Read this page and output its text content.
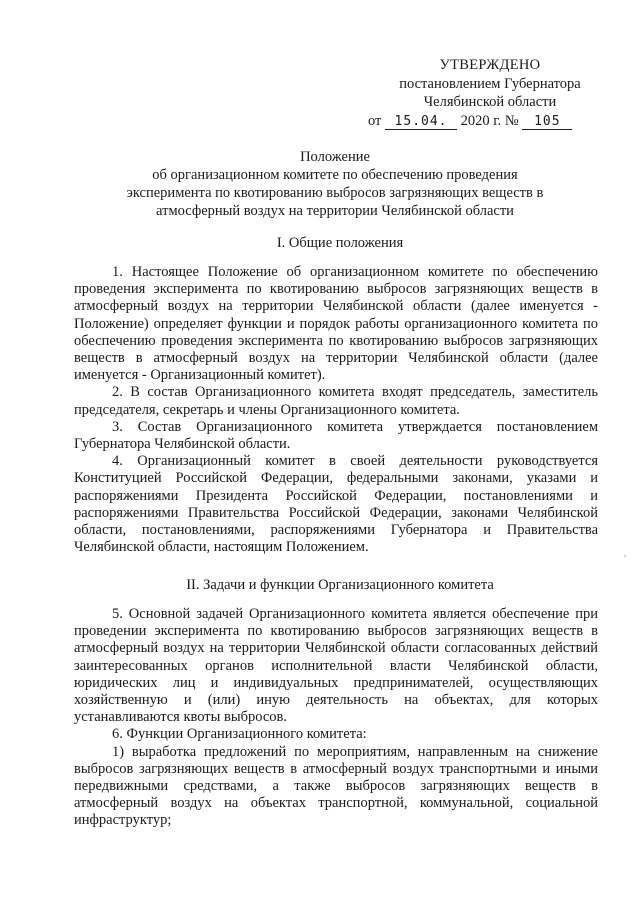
УТВЕРЖДЕНО
постановлением Губернатора
Челябинской области
от 15.04. 2020 г. № 105
Положение
об организационном комитете по обеспечению проведения
эксперимента по квотированию выбросов загрязняющих веществ в
атмосферный воздух на территории Челябинской области
I. Общие положения

1. Настоящее Положение об организационном комитете по обеспечению проведения эксперимента по квотированию выбросов загрязняющих веществ в атмосферный воздух на территории Челябинской области (далее именуется - Положение) определяет функции и порядок работы организационного комитета по обеспечению проведения эксперимента по квотированию выбросов загрязняющих веществ в атмосферный воздух на территории Челябинской области (далее именуется - Организационный комитет).

2. В состав Организационного комитета входят председатель, заместитель председателя, секретарь и члены Организационного комитета.

3. Состав Организационного комитета утверждается постановлением Губернатора Челябинской области.

4. Организационный комитет в своей деятельности руководствуется Конституцией Российской Федерации, федеральными законами, указами и распоряжениями Президента Российской Федерации, постановлениями и распоряжениями Правительства Российской Федерации, законами Челябинской области, постановлениями, распоряжениями Губернатора и Правительства Челябинской области, настоящим Положением.

II. Задачи и функции Организационного комитета

5. Основной задачей Организационного комитета является обеспечение при проведении эксперимента по квотированию выбросов загрязняющих веществ в атмосферный воздух на территории Челябинской области согласованных действий заинтересованных органов исполнительной власти Челябинской области, юридических лиц и индивидуальных предпринимателей, осуществляющих хозяйственную и (или) иную деятельность на объектах, для которых устанавливаются квоты выбросов.

6. Функции Организационного комитета:

1) выработка предложений по мероприятиям, направленным на снижение выбросов загрязняющих веществ в атмосферный воздух транспортными и иными передвижными средствами, а также выбросов загрязняющих веществ в атмосферный воздух на объектах транспортной, коммунальной, социальной инфраструктур;

,
